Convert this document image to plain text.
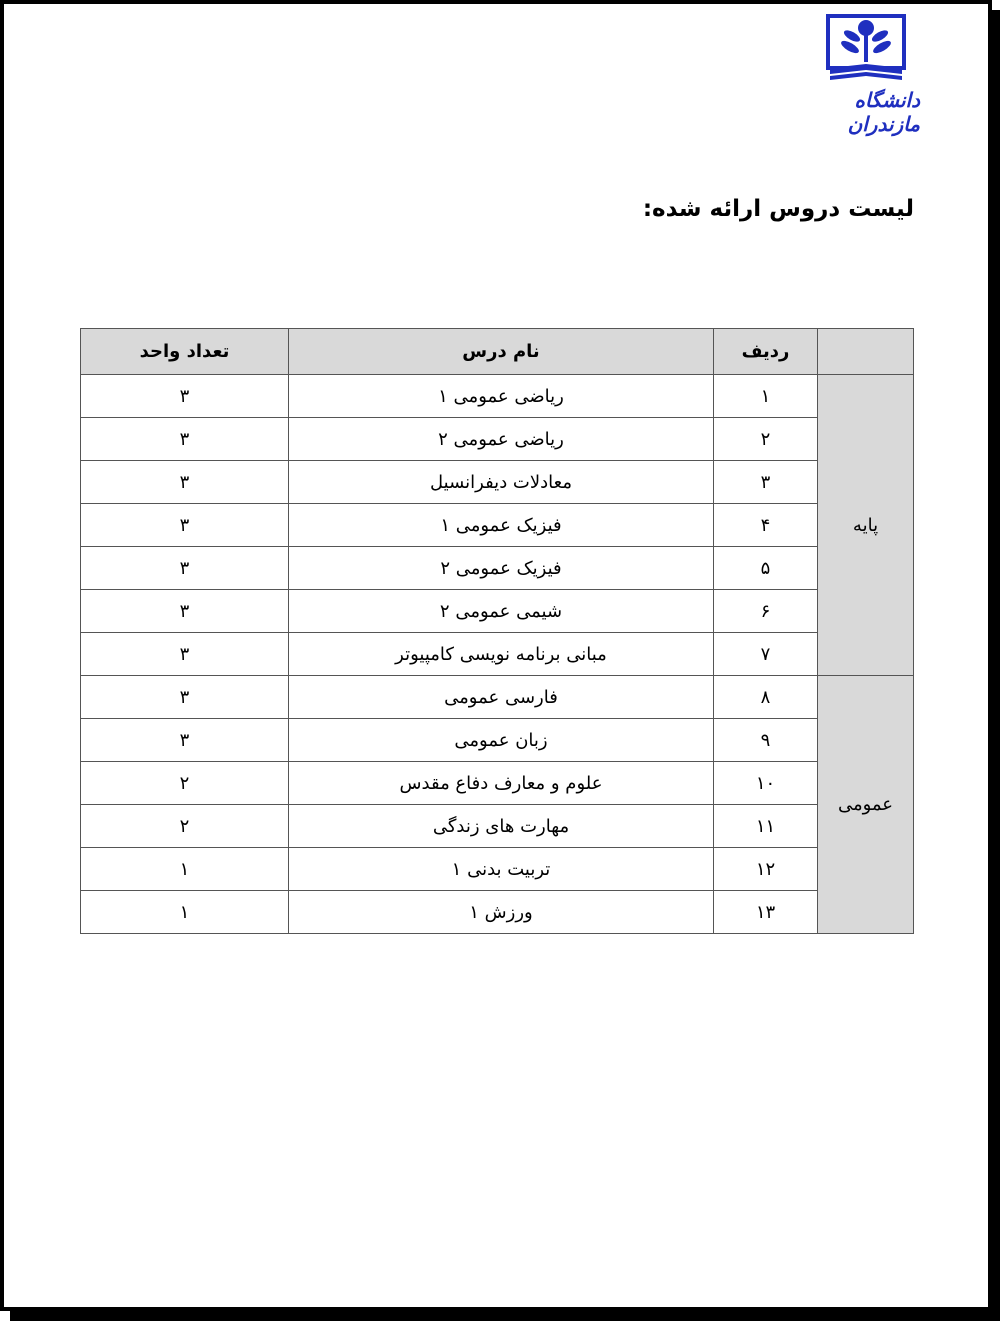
دانشگاه مازندران
لیست دروس ارائه شده:
	ردیف	نام درس	تعداد واحد
پایه	۱	ریاضی عمومی ۱	۳
	۲	ریاضی عمومی ۲	۳
	۳	معادلات دیفرانسیل	۳
	۴	فیزیک عمومی ۱	۳
	۵	فیزیک عمومی ۲	۳
	۶	شیمی عمومی ۲	۳
	۷	مبانی برنامه نویسی کامپیوتر	۳
عمومی	۸	فارسی عمومی	۳
	۹	زبان عمومی	۳
	۱۰	علوم و معارف دفاع مقدس	۲
	۱۱	مهارت های زندگی	۲
	۱۲	تربیت بدنی ۱	۱
	۱۳	ورزش ۱	۱
